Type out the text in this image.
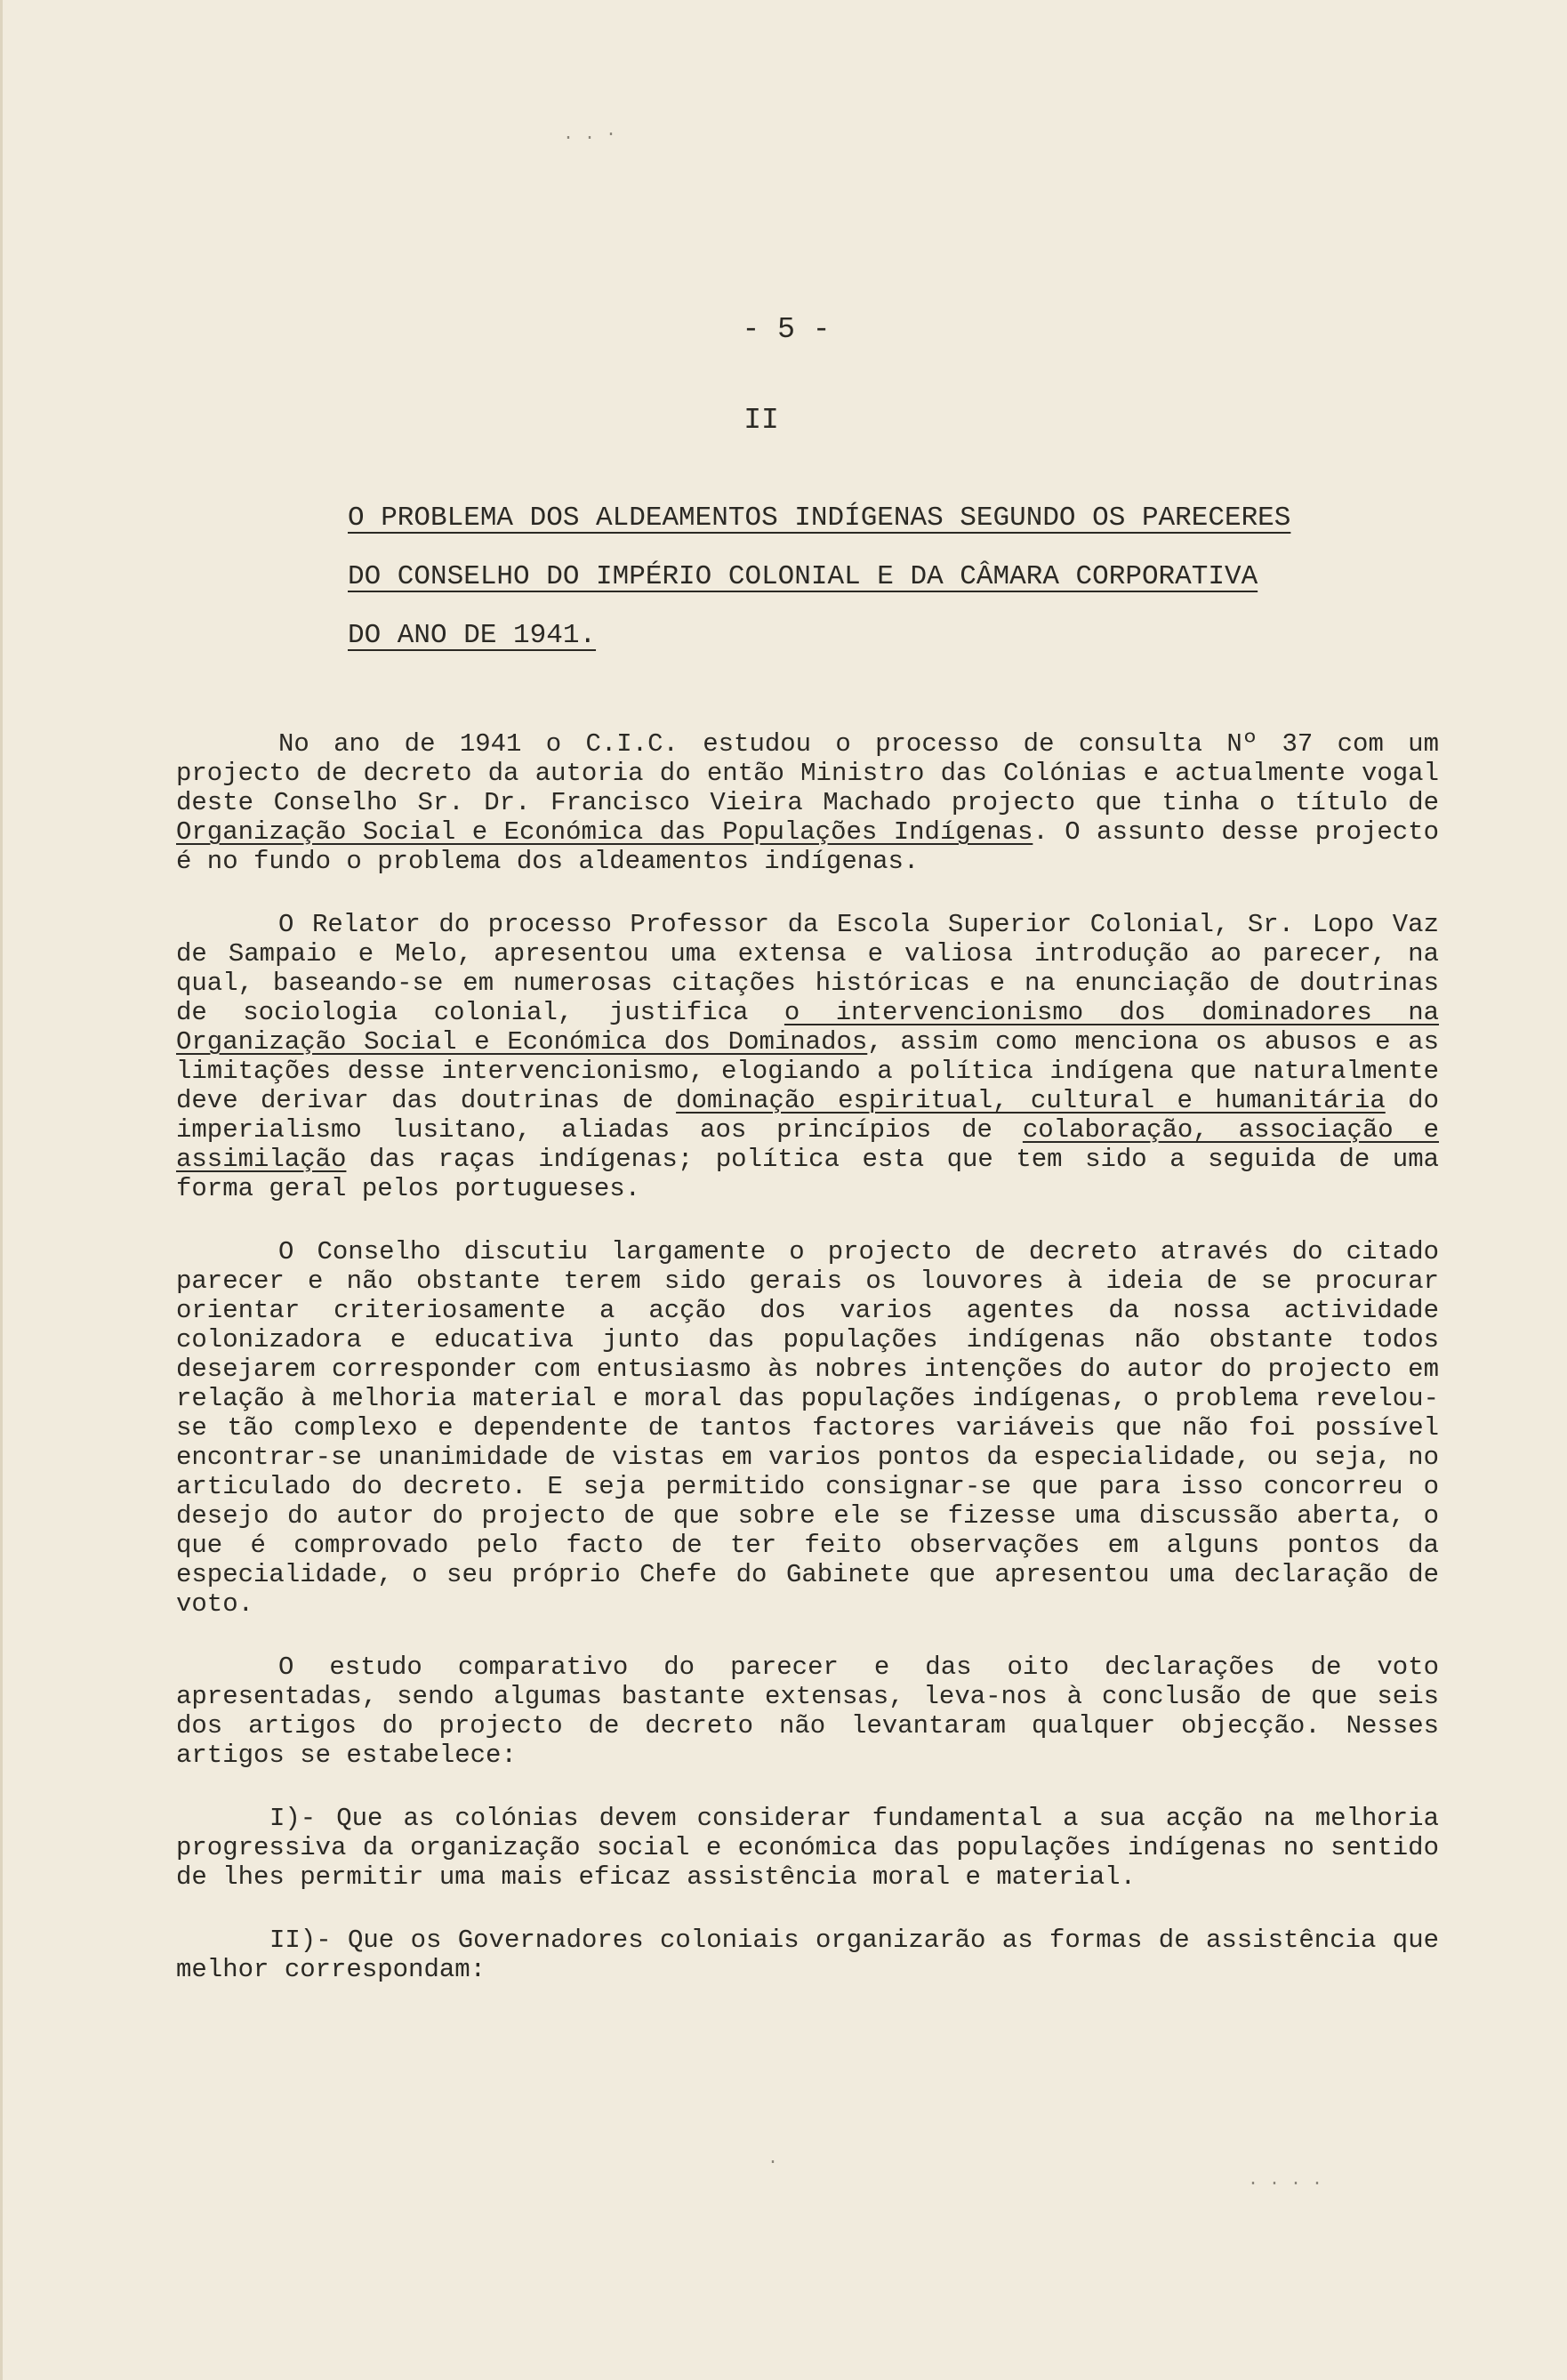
- 5 -
II
O PROBLEMA DOS ALDEAMENTOS INDÍGENAS SEGUNDO OS PARECERES
DO CONSELHO DO IMPÉRIO COLONIAL E DA CÂMARA CORPORATIVA
DO ANO DE 1941.

No ano de 1941 o C.I.C. estudou o processo de consulta Nº 37 com um projecto de decreto da autoria do então Ministro das Colónias e actualmente vogal deste Conselho Sr. Dr. Francisco Vieira Machado projecto que tinha o título de Organização Social e Económica das Populações Indígenas. O assunto desse projecto é no fundo o problema dos aldeamentos indígenas.

O Relator do processo Professor da Escola Superior Colonial, Sr. Lopo Vaz de Sampaio e Melo, apresentou uma extensa e valiosa introdução ao parecer, na qual, baseando-se em numerosas citações históricas e na enunciação de doutrinas de sociologia colonial, justifica o intervencionismo dos dominadores na Organização Social e Económica dos Dominados, assim como menciona os abusos e as limitações desse intervencionismo, elogiando a política indígena que naturalmente deve derivar das doutrinas de dominação espiritual, cultural e humanitária do imperialismo lusitano, aliadas aos princípios de colaboração, associação e assimilação das raças indígenas; política esta que tem sido a seguida de uma forma geral pelos portugueses.

O Conselho discutiu largamente o projecto de decreto através do citado parecer e não obstante terem sido gerais os louvores à ideia de se procurar orientar criteriosamente a acção dos varios agentes da nossa actividade colonizadora e educativa junto das populações indígenas não obstante todos desejarem corresponder com entusiasmo às nobres intenções do autor do projecto em relação à melhoria material e moral das populações indígenas, o problema revelou-se tão complexo e dependente de tantos factores variáveis que não foi possível encontrar-se unanimidade de vistas em varios pontos da especialidade, ou seja, no articulado do decreto. E seja permitido consignar-se que para isso concorreu o desejo do autor do projecto de que sobre ele se fizesse uma discussão aberta, o que é comprovado pelo facto de ter feito observações em alguns pontos da especialidade, o seu próprio Chefe do Gabinete que apresentou uma declaração de voto.

O estudo comparativo do parecer e das oito declarações de voto apresentadas, sendo algumas bastante extensas, leva-nos à conclusão de que seis dos artigos do projecto de decreto não levantaram qualquer objecção. Nesses artigos se estabelece:

I)- Que as colónias devem considerar fundamental a sua acção na melhoria progressiva da organização social e económica das populações indígenas no sentido de lhes permitir uma mais eficaz assistência moral e material.

II)- Que os Governadores coloniais organizarão as formas de assistência que melhor correspondam:

. . ·
·
. . . .
